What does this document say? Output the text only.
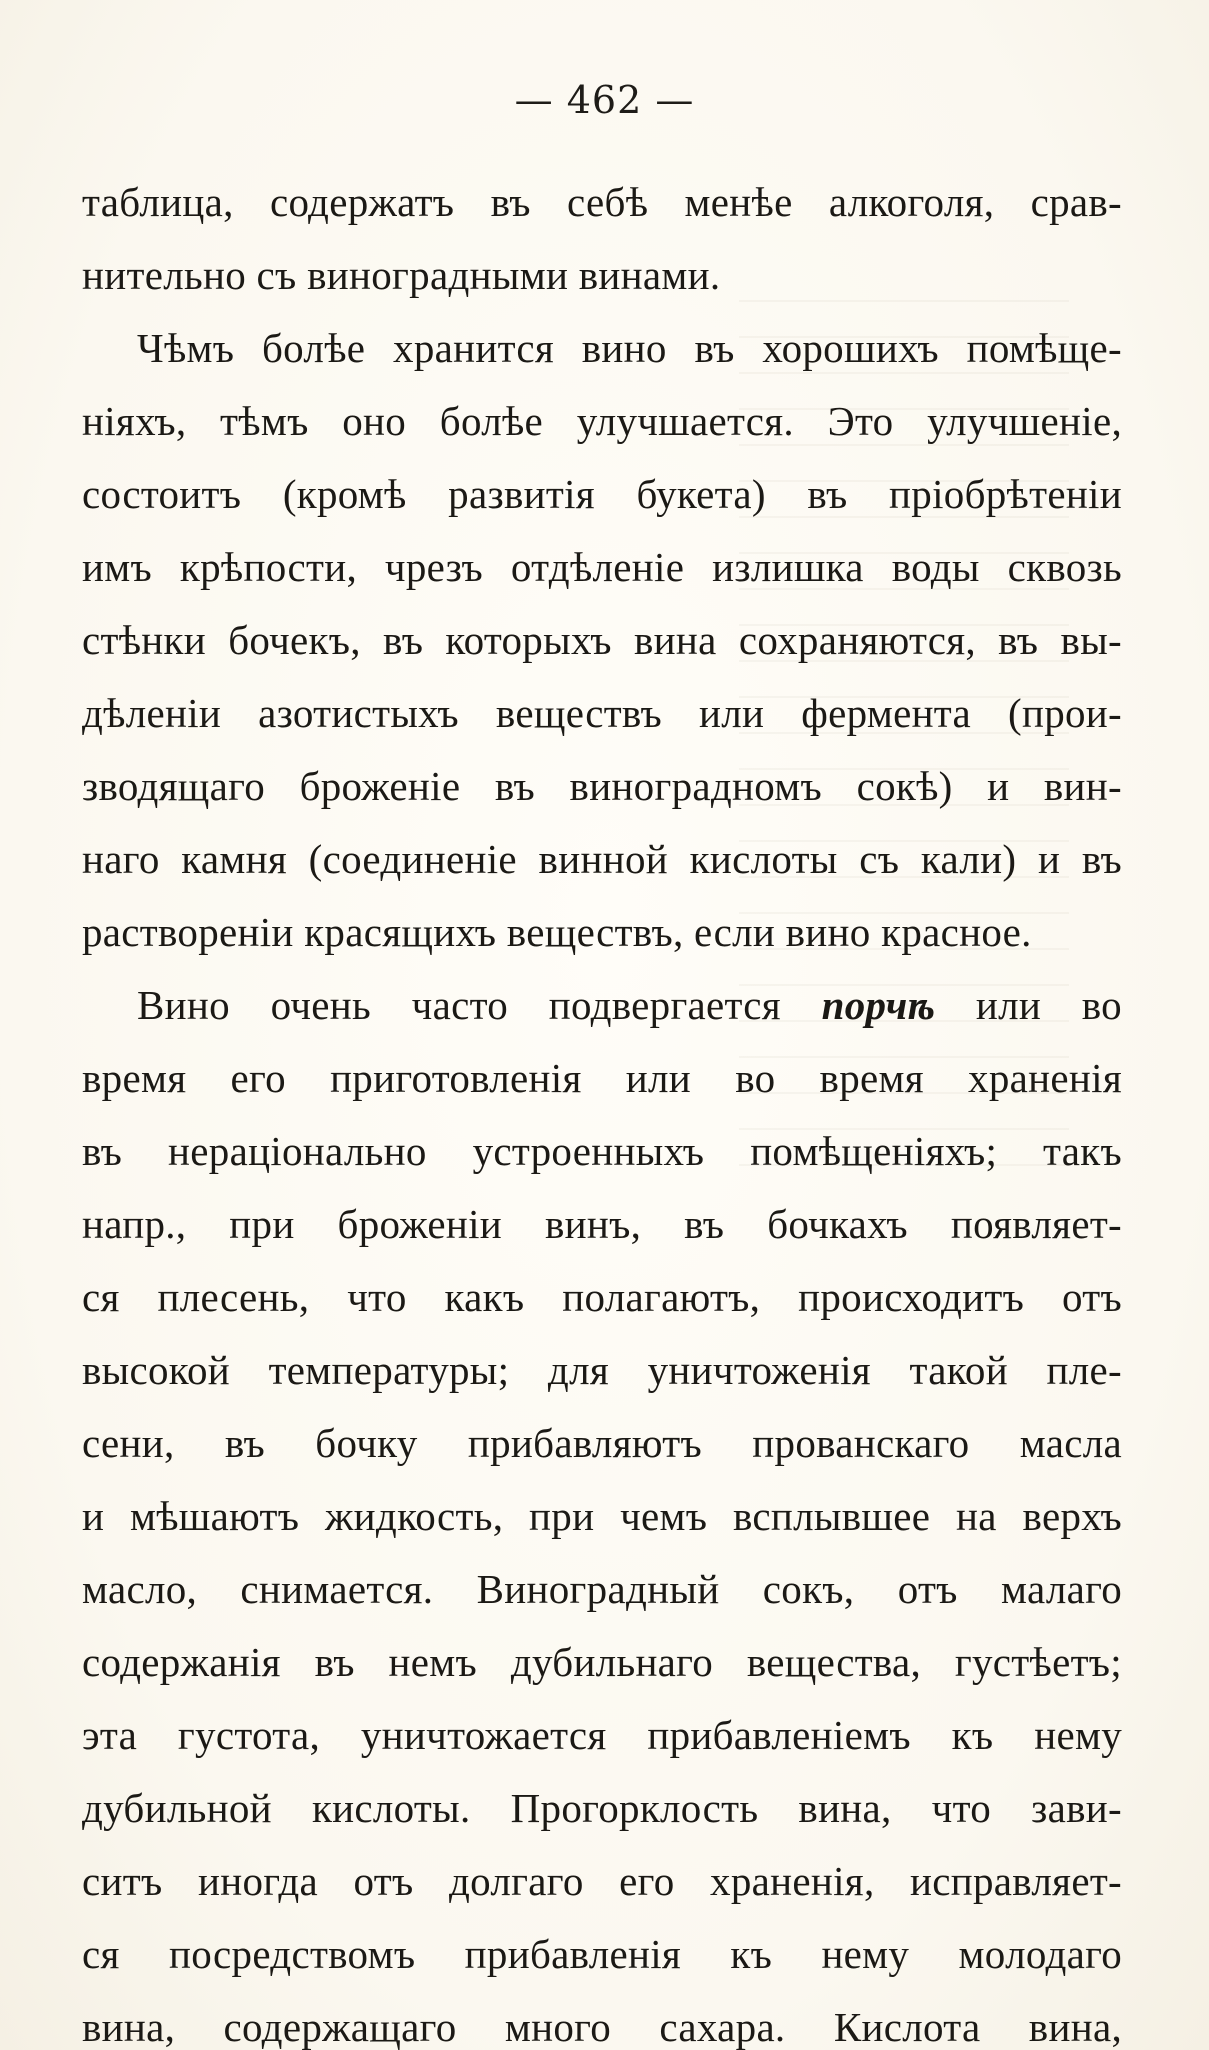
— 462 —
таблица, содержатъ въ себѣ менѣе алкоголя, срав-
нительно съ виноградными винами.
Чѣмъ болѣе хранится вино въ хорошихъ помѣще-
ніяхъ, тѣмъ оно болѣе улучшается. Это улучшеніе,
состоитъ (кромѣ развитія букета) въ пріобрѣтеніи
имъ крѣпости, чрезъ отдѣленіе излишка воды сквозь
стѣнки бочекъ, въ которыхъ вина сохраняются, въ вы-
дѣленіи азотистыхъ веществъ или фермента (прои-
зводящаго броженіе въ виноградномъ сокѣ) и вин-
наго камня (соединеніе винной кислоты съ кали) и въ
раствореніи красящихъ веществъ, если вино красное.
Вино очень часто подвергается порчѣ или во
время его приготовленія или во время храненія
въ нераціонально устроенныхъ помѣщеніяхъ; такъ
напр., при броженіи винъ, въ бочкахъ появляет-
ся плесень, что какъ полагаютъ, происходитъ отъ
высокой температуры; для уничтоженія такой пле-
сени, въ бочку прибавляютъ прованскаго масла
и мѣшаютъ жидкость, при чемъ всплывшее на верхъ
масло, снимается. Виноградный сокъ, отъ малаго
содержанія въ немъ дубильнаго вещества, густѣетъ;
эта густота, уничтожается прибавленіемъ къ нему
дубильной кислоты. Прогорклость вина, что зави-
ситъ иногда отъ долгаго его храненія, исправляет-
ся посредствомъ прибавленія къ нему молодаго
вина, содержащаго много сахара. Кислота вина,
